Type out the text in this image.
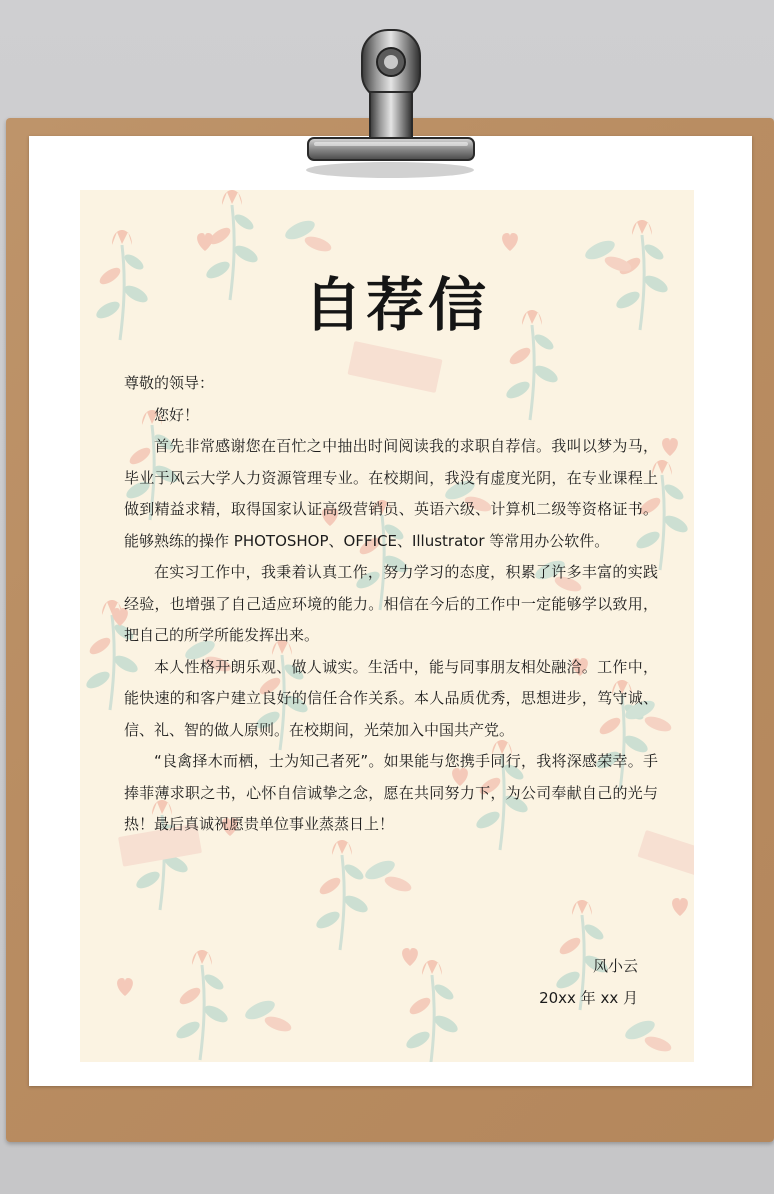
自荐信

尊敬的领导：

您好！

首先非常感谢您在百忙之中抽出时间阅读我的求职自荐信。我叫以梦为马，毕业于风云大学人力资源管理专业。在校期间，我没有虚度光阴，在专业课程上做到精益求精，取得国家认证高级营销员、英语六级、计算机二级等资格证书。能够熟练的操作 PHOTOSHOP、OFFICE、Illustrator 等常用办公软件。

在实习工作中，我秉着认真工作，努力学习的态度，积累了许多丰富的实践经验，也增强了自己适应环境的能力。相信在今后的工作中一定能够学以致用，把自己的所学所能发挥出来。

本人性格开朗乐观、做人诚实。生活中，能与同事朋友相处融洽。工作中，能快速的和客户建立良好的信任合作关系。本人品质优秀，思想进步，笃守诚、信、礼、智的做人原则。在校期间，光荣加入中国共产党。

“良禽择木而栖，士为知己者死”。如果能与您携手同行，我将深感荣幸。手捧菲薄求职之书，心怀自信诚挚之念，愿在共同努力下，为公司奉献自己的光与热！最后真诚祝愿贵单位事业蒸蒸日上！

风小云
20xx 年 xx 月
